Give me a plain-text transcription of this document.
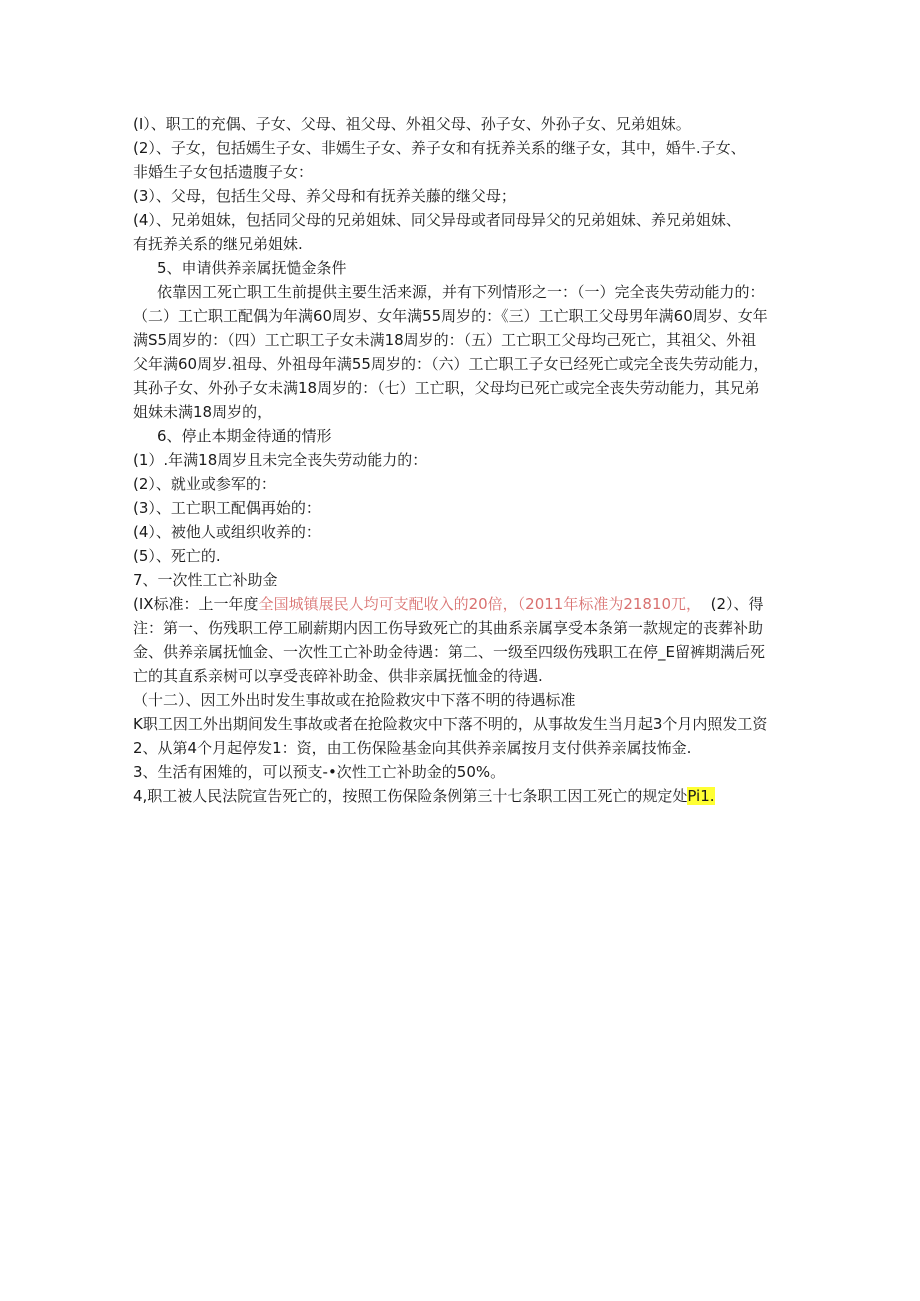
(I）、职工的充偶、子女、父母、祖父母、外祖父母、孙子女、外孙子女、兄弟姐妹。
(2）、子女，包括嫣生子女、非嫣生子女、养子女和有抚养关系的继子女，其中，婚牛.子女、
非婚生子女包括遗腹子女：
(3）、父母，包括生父母、养父母和有抚养关藤的继父母；
(4）、兄弟姐妹，包括同父母的兄弟姐妹、同父异母或者同母异父的兄弟姐妹、养兄弟姐妹、
有抚养关系的继兄弟姐妹.
5、申请供养亲属抚慥金条件
依靠因工死亡职工生前提供主要生活来源，并有下列情形之一：（一）完全丧失劳动能力的：
（二）工亡职工配偶为年满60周岁、女年满55周岁的：《三）工亡职工父母男年满60周岁、女年
满S5周岁的：（四）工亡职工子女未满18周岁的：（五）工亡职工父母均己死亡，其祖父、外祖
父年满60周岁.祖母、外祖母年满55周岁的：（六）工亡职工子女已经死亡或完全丧失劳动能力，
其孙子女、外孙子女未满18周岁的：（七）工亡职，父母均已死亡或完全丧失劳动能力，其兄弟
姐妹未满18周岁的，
6、停止本期金待通的情形
(1）.年满18周岁且未完全丧失劳动能力的：
(2）、就业或参军的：
(3）、工亡职工配偶再始的：
(4）、被他人或组织收养的：
(5）、死亡的.
7、一次性工亡补助金
(IX标准：上一年度全国城镇展民人均可支配收入的20倍，（2011年标准为21810兀， (2）、得
注：第一、伤残职工停工刷薪期内因工伤导致死亡的其曲系亲属享受本条第一款规定的丧葬补助
金、供养亲属抚恤金、一次性工亡补助金待遇：第二、一级至四级伤残职工在停_E留裤期满后死
亡的其直系亲树可以享受丧碎补助金、供非亲属抚恤金的待遇.
（十二）、因工外出时发生事故或在抢险救灾中下落不明的待遇标准
K职工因工外出期间发生事故或者在抢险救灾中下落不明的，从事故发生当月起3个月内照发工资
2、从第4个月起停发1：资，由工伤保险基金向其供养亲属按月支付供养亲属技怖金.
3、生活有困雉的，可以预支-•次性工亡补助金的50%。
4,职工被人民法院宣告死亡的，按照工伤保险条例第三十七条职工因工死亡的规定处Pi1.
